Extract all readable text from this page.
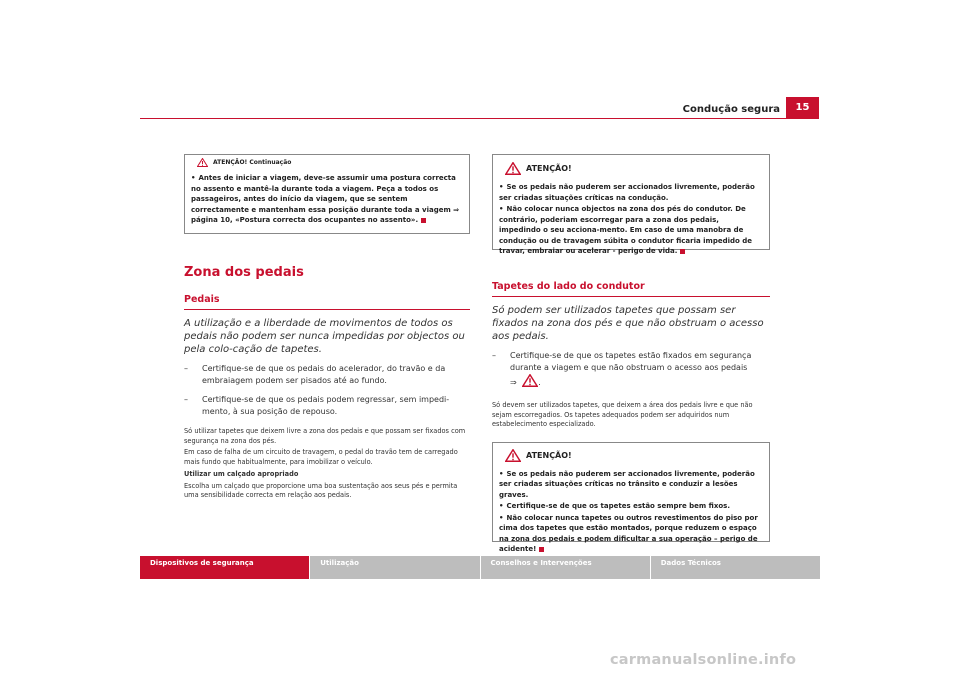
Condução segura	15
ATENÇÃO! Continuação

• Antes de iniciar a viagem, deve-se assumir uma postura correcta no assento e mantê-la durante toda a viagem. Peça a todos os passageiros, antes do início da viagem, que se sentem correctamente e mantenham essa posição durante toda a viagem ⇒ página 10, «Postura correcta dos ocupantes no assento».

Zona dos pedais
Pedais
A utilização e a liberdade de movimentos de todos os pedais não podem ser nunca impedidas por objectos ou pela colo-cação de tapetes.
– Certifique-se de que os pedais do acelerador, do travão e da embraiagem podem ser pisados até ao fundo.
– Certifique-se de que os pedais podem regressar, sem impedi-mento, à sua posição de repouso.
Só utilizar tapetes que deixem livre a zona dos pedais e que possam ser fixados com segurança na zona dos pés.
Em caso de falha de um circuito de travagem, o pedal do travão tem de carregado mais fundo que habitualmente, para imobilizar o veículo.
Utilizar um calçado apropriado
Escolha um calçado que proporcione uma boa sustentação aos seus pés e permita uma sensibilidade correcta em relação aos pedais.
ATENÇÃO!

• Se os pedais não puderem ser accionados livremente, poderão ser criadas situações críticas na condução.

• Não colocar nunca objectos na zona dos pés do condutor. De contrário, poderiam escorregar para a zona dos pedais, impedindo o seu acciona-mento. Em caso de uma manobra de condução ou de travagem súbita o condutor ficaria impedido de travar, embraiar ou acelerar - perigo de vida.

Tapetes do lado do condutor
Só podem ser utilizados tapetes que possam ser fixados na zona dos pés e que não obstruam o acesso aos pedais.
– Certifique-se de que os tapetes estão fixados em segurança durante a viagem e que não obstruam o acesso aos pedais
⇒	.
Só devem ser utilizados tapetes, que deixem a área dos pedais livre e que não sejam escorregadios. Os tapetes adequados podem ser adquiridos num estabelecimento especializado.
ATENÇÃO!

• Se os pedais não puderem ser accionados livremente, poderão ser criadas situações críticas no trânsito e conduzir a lesões graves.

• Certifique-se de que os tapetes estão sempre bem fixos.

• Não colocar nunca tapetes ou outros revestimentos do piso por cima dos tapetes que estão montados, porque reduzem o espaço na zona dos pedais e podem dificultar a sua operação – perigo de acidente!

Dispositivos de segurança	Utilização	Conselhos e Intervenções	Dados Técnicos
carmanualsonline.info
